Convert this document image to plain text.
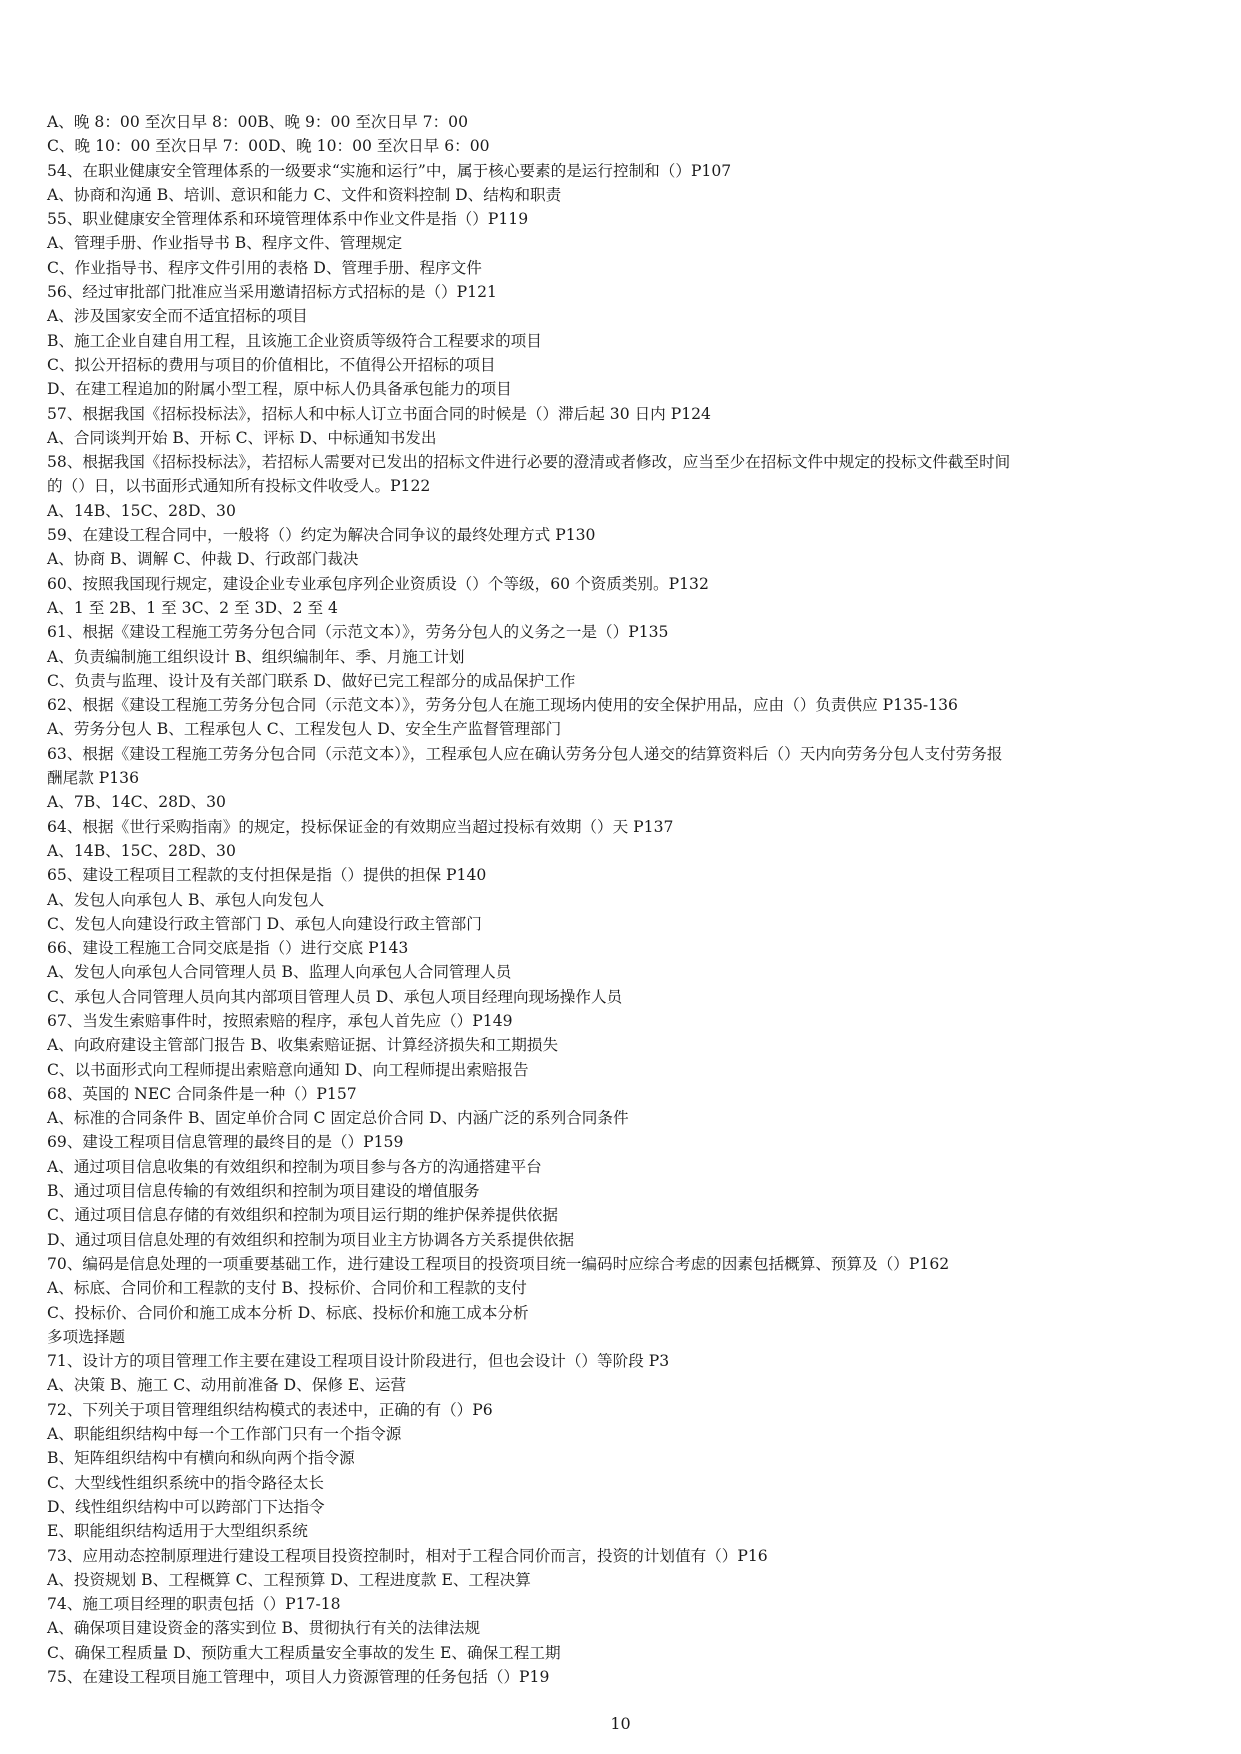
A、晚 8：00 至次日早 8：00B、晚 9：00 至次日早 7：00
C、晚 10：00 至次日早 7：00D、晚 10：00 至次日早 6：00
54、在职业健康安全管理体系的一级要求“实施和运行”中，属于核心要素的是运行控制和（）P107
A、协商和沟通 B、培训、意识和能力 C、文件和资料控制 D、结构和职责
55、职业健康安全管理体系和环境管理体系中作业文件是指（）P119
A、管理手册、作业指导书 B、程序文件、管理规定
C、作业指导书、程序文件引用的表格 D、管理手册、程序文件
56、经过审批部门批准应当采用邀请招标方式招标的是（）P121
A、涉及国家安全而不适宜招标的项目
B、施工企业自建自用工程，且该施工企业资质等级符合工程要求的项目
C、拟公开招标的费用与项目的价值相比，不值得公开招标的项目
D、在建工程追加的附属小型工程，原中标人仍具备承包能力的项目
57、根据我国《招标投标法》，招标人和中标人订立书面合同的时候是（）滞后起 30 日内 P124
A、合同谈判开始 B、开标 C、评标 D、中标通知书发出
58、根据我国《招标投标法》，若招标人需要对已发出的招标文件进行必要的澄清或者修改，应当至少在招标文件中规定的投标文件截至时间
的（）日，以书面形式通知所有投标文件收受人。P122
A、14B、15C、28D、30
59、在建设工程合同中，一般将（）约定为解决合同争议的最终处理方式 P130
A、协商 B、调解 C、仲裁 D、行政部门裁决
60、按照我国现行规定，建设企业专业承包序列企业资质设（）个等级，60 个资质类别。P132
A、1 至 2B、1 至 3C、2 至 3D、2 至 4
61、根据《建设工程施工劳务分包合同（示范文本）》，劳务分包人的义务之一是（）P135
A、负责编制施工组织设计 B、组织编制年、季、月施工计划
C、负责与监理、设计及有关部门联系 D、做好已完工程部分的成品保护工作
62、根据《建设工程施工劳务分包合同（示范文本）》，劳务分包人在施工现场内使用的安全保护用品，应由（）负责供应 P135-136
A、劳务分包人 B、工程承包人 C、工程发包人 D、安全生产监督管理部门
63、根据《建设工程施工劳务分包合同（示范文本）》，工程承包人应在确认劳务分包人递交的结算资料后（）天内向劳务分包人支付劳务报
酬尾款 P136
A、7B、14C、28D、30
64、根据《世行采购指南》的规定，投标保证金的有效期应当超过投标有效期（）天 P137
A、14B、15C、28D、30
65、建设工程项目工程款的支付担保是指（）提供的担保 P140
A、发包人向承包人 B、承包人向发包人
C、发包人向建设行政主管部门 D、承包人向建设行政主管部门
66、建设工程施工合同交底是指（）进行交底 P143
A、发包人向承包人合同管理人员 B、监理人向承包人合同管理人员
C、承包人合同管理人员向其内部项目管理人员 D、承包人项目经理向现场操作人员
67、当发生索赔事件时，按照索赔的程序，承包人首先应（）P149
A、向政府建设主管部门报告 B、收集索赔证据、计算经济损失和工期损失
C、以书面形式向工程师提出索赔意向通知 D、向工程师提出索赔报告
68、英国的 NEC 合同条件是一种（）P157
A、标准的合同条件 B、固定单价合同 C 固定总价合同 D、内涵广泛的系列合同条件
69、建设工程项目信息管理的最终目的是（）P159
A、通过项目信息收集的有效组织和控制为项目参与各方的沟通搭建平台
B、通过项目信息传输的有效组织和控制为项目建设的增值服务
C、通过项目信息存储的有效组织和控制为项目运行期的维护保养提供依据
D、通过项目信息处理的有效组织和控制为项目业主方协调各方关系提供依据
70、编码是信息处理的一项重要基础工作，进行建设工程项目的投资项目统一编码时应综合考虑的因素包括概算、预算及（）P162
A、标底、合同价和工程款的支付 B、投标价、合同价和工程款的支付
C、投标价、合同价和施工成本分析 D、标底、投标价和施工成本分析
多项选择题
71、设计方的项目管理工作主要在建设工程项目设计阶段进行，但也会设计（）等阶段 P3
A、决策 B、施工 C、动用前准备 D、保修 E、运营
72、下列关于项目管理组织结构模式的表述中，正确的有（）P6
A、职能组织结构中每一个工作部门只有一个指令源
B、矩阵组织结构中有横向和纵向两个指令源
C、大型线性组织系统中的指令路径太长
D、线性组织结构中可以跨部门下达指令
E、职能组织结构适用于大型组织系统
73、应用动态控制原理进行建设工程项目投资控制时，相对于工程合同价而言，投资的计划值有（）P16
A、投资规划 B、工程概算 C、工程预算 D、工程进度款 E、工程决算
74、施工项目经理的职责包括（）P17-18
A、确保项目建设资金的落实到位 B、贯彻执行有关的法律法规
C、确保工程质量 D、预防重大工程质量安全事故的发生 E、确保工程工期
75、在建设工程项目施工管理中，项目人力资源管理的任务包括（）P19
10
